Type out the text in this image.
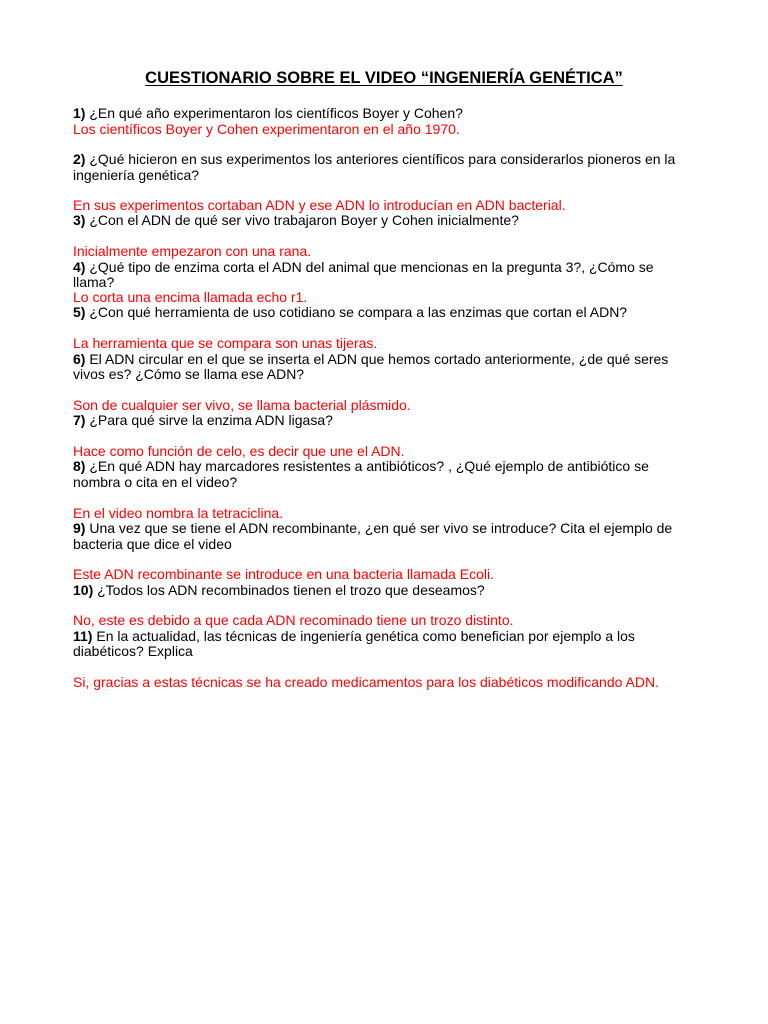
CUESTIONARIO SOBRE EL VIDEO “INGENIERÍA GENÉTICA”
1) ¿En qué año experimentaron los científicos Boyer y Cohen?
Los científicos Boyer y Cohen experimentaron en el año 1970.
2) ¿Qué hicieron en sus experimentos los anteriores científicos para considerarlos pioneros en la
ingeniería genética?
En sus experimentos cortaban ADN y ese ADN lo introducían en ADN bacterial.
3) ¿Con el ADN de qué ser vivo trabajaron Boyer y Cohen inicialmente?
Inicialmente empezaron con una rana.
4) ¿Qué tipo de enzima corta el ADN del animal que mencionas en la pregunta 3?, ¿Cómo se
llama?
Lo corta una encima llamada echo r1.
5) ¿Con qué herramienta de uso cotidiano se compara a las enzimas que cortan el ADN?
La herramienta que se compara son unas tijeras.
6) El ADN circular en el que se inserta el ADN que hemos cortado anteriormente, ¿de qué seres
vivos es? ¿Cómo se llama ese ADN?
Son de cualquier ser vivo, se llama bacterial plásmido.
7) ¿Para qué sirve la enzima ADN ligasa?
Hace como función de celo, es decir que une el ADN.
8) ¿En qué ADN hay marcadores resistentes a antibióticos? , ¿Qué ejemplo de antibiótico se
nombra o cita en el video?
En el video nombra la tetraciclina.
9) Una vez que se tiene el ADN recombinante, ¿en qué ser vivo se introduce? Cita el ejemplo de
bacteria que dice el video
Este ADN recombinante se introduce en una bacteria llamada Ecoli.
10) ¿Todos los ADN recombinados tienen el trozo que deseamos?
No, este es debido a que cada ADN recominado tiene un trozo distinto.
11) En la actualidad, las técnicas de ingeniería genética como benefician por ejemplo a los
diabéticos? Explica
Si, gracias a estas técnicas se ha creado medicamentos para los diabéticos modificando ADN.
